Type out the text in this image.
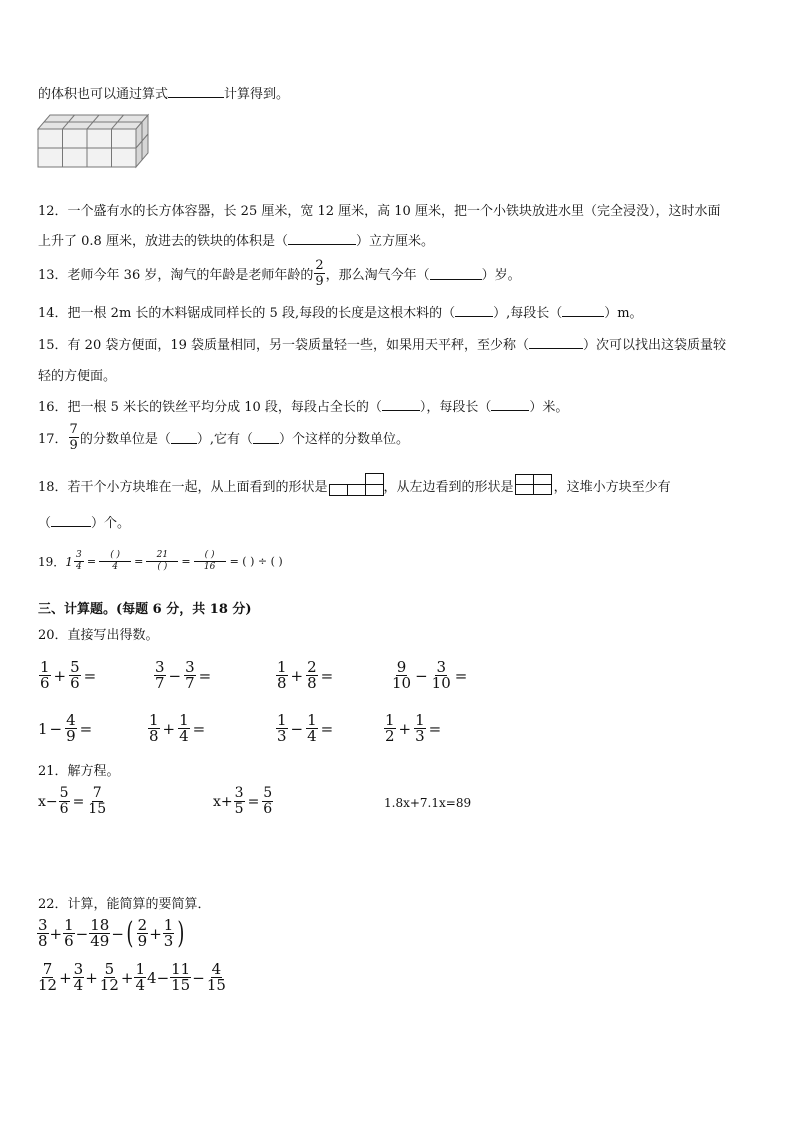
的体积也可以通过算式	计算得到。
12．一个盛有水的长方体容器，长 25 厘米，宽 12 厘米，高 10 厘米，把一个小铁块放进水里（完全浸没），这时水面
上升了 0.8 厘米，放进去的铁块的体积是（	）立方厘米。
13．老师今年 36 岁，淘气的年龄是老师年龄的 $\frac{2}{9}$ ，那么淘气今年（	）岁。
14．把一根 2m 长的木料锯成同样长的 5 段,每段的长度是这根木料的（	）,每段长（	）m。
15．有 20 袋方便面，19 袋质量相同，另一袋质量轻一些，如果用天平秤，至少称（	）次可以找出这袋质量较
轻的方便面。
16．把一根 5 米长的铁丝平均分成 10 段，每段占全长的（	），每段长（	）米。
17． $\frac{7}{9}$ 的分数单位是（ ）,它有（ ）个这样的分数单位。
18．若干个小方块堆在一起，从上面看到的形状是	，从左边看到的形状是	，这堆小方块至少有
（	）个。
19． $1 \frac{3}{4} = \frac{( )}{4} = \frac{21}{( )} = \frac{( )}{16}$ = ( ) ÷ ( )
三、计算题。(每题 6 分，共 18 分)
20．直接写出得数。
$\frac{1}{6} + \frac{5}{6}$ =	$\frac{3}{7} - \frac{3}{7}$ =	$\frac{1}{8} + \frac{2}{8}$ =	$\frac{9}{10} - \frac{3}{10}$ =
$1 - \frac{4}{9}$ =	$\frac{1}{8} + \frac{1}{4}$ =	$\frac{1}{3} - \frac{1}{4}$ =	$\frac{1}{2} + \frac{1}{3}$ =
21．解方程。
$x- \frac{5}{6} = \frac{7}{15}$	$x+ \frac{3}{5} = \frac{5}{6}$	1.8x+7.1x=89
22．计算，能简算的要简算．
$\frac{3}{8} + \frac{1}{6} - \frac{18}{49}$ − ( $\frac{2}{9} + \frac{1}{3}$ )
$\frac{7}{12} + \frac{3}{4} + \frac{5}{12} + \frac{1}{4} 4 - \frac{11}{15} - \frac{4}{15}$
